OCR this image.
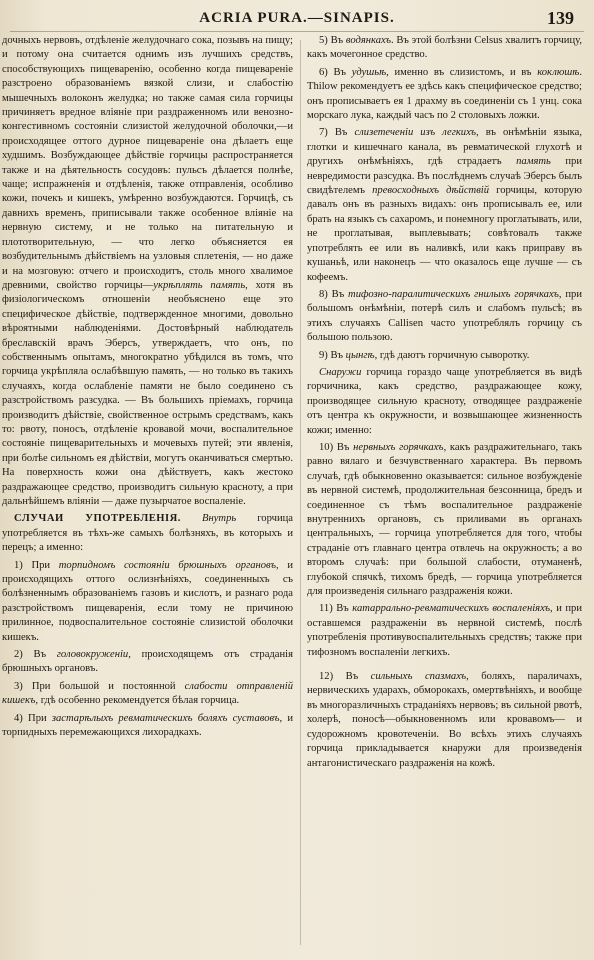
ACRIA PURA.—SINAPIS.	139

дочныхъ нервовъ, отдѣленіе желудочнаго сока, позывъ на пищу; и потому она считается однимъ изъ лучшихъ средствъ, способствующихъ пищеваренію, особенно когда пищевареніе разстроено образованіемъ вязкой слизи, и слабостію мышечныхъ волоконъ желудка; но также самая сила горчицы причиняетъ вредное вліяніе при раздраженномъ или венозно-конгестивномъ состояніи слизистой желудочной оболочки,—и происходящее оттого дурное пищевареніе она дѣлаетъ еще худшимъ. Возбуждающее дѣйствіе горчицы распространяется также и на дѣятельность сосудовъ: пульсъ дѣлается полнѣе, чаще; испражненія и отдѣленія, также отправленія, особливо кожи, почекъ и кишекъ, умѣренно возбуждаются. Горчицѣ, съ давнихъ временъ, приписывали также особенное вліяніе на нервную систему, и не только на питательную и плототворительную, — что легко объясняется ея возбудительнымъ дѣйствіемъ на узловыя сплетенія, — но даже и на мозговую: отчего и происходитъ, столь много хвалимое древними, свойство горчицы—укрѣплять память, хотя въ физіологическомъ отношеніи необъяснено еще это специфическое дѣйствіе, подтвержденное многими, довольно вѣроятными наблюденіями. Достовѣрный наблюдатель бреславскій врачъ Эберсъ, утверждаетъ, что онъ, по собственнымъ опытамъ, многократно убѣдился въ томъ, что горчица укрѣпляла ослабѣвшую память, — но только въ такихъ случаяхъ, когда ослабленіе памяти не было соединено съ разстройствомъ разсудка. — Въ большихъ пріемахъ, горчица производитъ дѣйствіе, свойственное острымъ средствамъ, какъ то: рвоту, поносъ, отдѣленіе кровавой мочи, воспалительное состояніе пищеварительныхъ и мочевыхъ путей; эти явленія, при болѣе сильномъ ея дѣйствіи, могутъ оканчиваться смертью. На поверхность кожи она дѣйствуетъ, какъ жестоко раздражающее средство, производитъ сильную красноту, а при дальнѣйшемъ вліяніи — даже пузырчатое воспаленіе.

СЛУЧАИ УПОТРЕБЛЕНІЯ. Внутрь горчица употребляется въ тѣхъ-же самыхъ болѣзняхъ, въ которыхъ и перецъ; а именно:

1) При торпидномъ состояніи брюшныхъ органовъ, и происходящихъ оттого ослизнѣніяхъ, соединенныхъ съ болѣзненнымъ образованіемъ газовъ и кислотъ, и разнаго рода разстройствомъ пищеваренія, если тому не причиною прилинное, подвоспалительное состояніе слизистой оболочки кишекъ.

2) Въ головокруженіи, происходящемъ отъ страданія брюшныхъ органовъ.

3) При большой и постоянной слабости отправленій кишекъ, гдѣ особенно рекомендуется бѣлая горчица.

4) При застарѣлыхъ ревматическихъ боляхъ суставовъ, и торпидныхъ перемежающихся лихорадкахъ.

5) Въ водянкахъ. Въ этой болѣзни Celsus хвалитъ горчицу, какъ мочегонное средство.

6) Въ удушьѣ, именно въ слизистомъ, и въ коклюшѣ. Thilow рекомендуетъ ее здѣсь какъ специфическое средство; онъ прописываетъ ея 1 драхму въ соединеніи съ 1 унц. сока морскаго лука, каждый часъ по 2 столовыхъ ложки.

7) Въ слизетеченіи изъ легкихъ, въ онѣмѣніи языка, глотки и кишечнаго канала, въ ревматической глухотѣ и другихъ онѣмѣніяхъ, гдѣ страдаетъ память при невредимости разсудка. Въ послѣднемъ случаѣ Эберсъ былъ свидѣтелемъ превосходныхъ дѣйствій горчицы, которую давалъ онъ въ разныхъ видахъ: онъ прописывалъ ее, или брать на языкъ съ сахаромъ, и понемногу проглатывать, или, не проглатывая, выплевывать; совѣтовалъ также употреблять ее или въ наливкѣ, или какъ приправу въ кушаньѣ, или наконецъ — что оказалось еще лучше — съ кофеемъ.

8) Въ тифозно-паралитическихъ гнилыхъ горячкахъ, при большомъ онѣмѣніи, потерѣ силъ и слабомъ пульсѣ; въ этихъ случаяхъ Callisen часто употреблялъ горчицу съ большою пользою.

9) Въ цынгѣ, гдѣ даютъ горчичную сыворотку.

Снаружи горчица гораздо чаще употребляется въ видѣ горчичника, какъ средство, раздражающее кожу, производящее сильную красноту, отводящее раздраженіе отъ центра къ окружности, и возвышающее жизненность кожи; именно:

10) Въ нервныхъ горячкахъ, какъ раздражительнаго, такъ равно вялаго и безчувственнаго характера. Въ первомъ случаѣ, гдѣ обыкновенно оказывается: сильное возбужденіе въ нервной системѣ, продолжительная безсонница, бредъ и соединенное съ тѣмъ воспалительное раздраженіе внутреннихъ органовъ, съ приливами въ органахъ центральныхъ, — горчица употребляется для того, чтобы страданіе отъ главнаго центра отвлечь на окружность; а во второмъ случаѣ: при большой слабости, отуманенѣ, глубокой спячкѣ, тихомъ бредѣ, — горчица употребляется для произведенія сильнаго раздраженія кожи.

11) Въ катаррально-ревматическихъ воспаленіяхъ, и при оставшемся раздраженіи въ нервной системѣ, послѣ употребленія противувоспалительныхъ средствъ; также при тифозномъ воспаленіи легкихъ.

12) Въ сильныхъ спазмахъ, боляхъ, параличахъ, нервическихъ ударахъ, обморокахъ, омертвѣніяхъ, и вообще въ многоразличныхъ страданіяхъ нервовъ; въ сильной рвотѣ, холерѣ, поносѣ—обыкновенномъ или кровавомъ— и судорожномъ кровотеченіи. Во всѣхъ этихъ случаяхъ горчица прикладывается кнаружи для произведенія антагонистическаго раздраженія на кожѣ.
